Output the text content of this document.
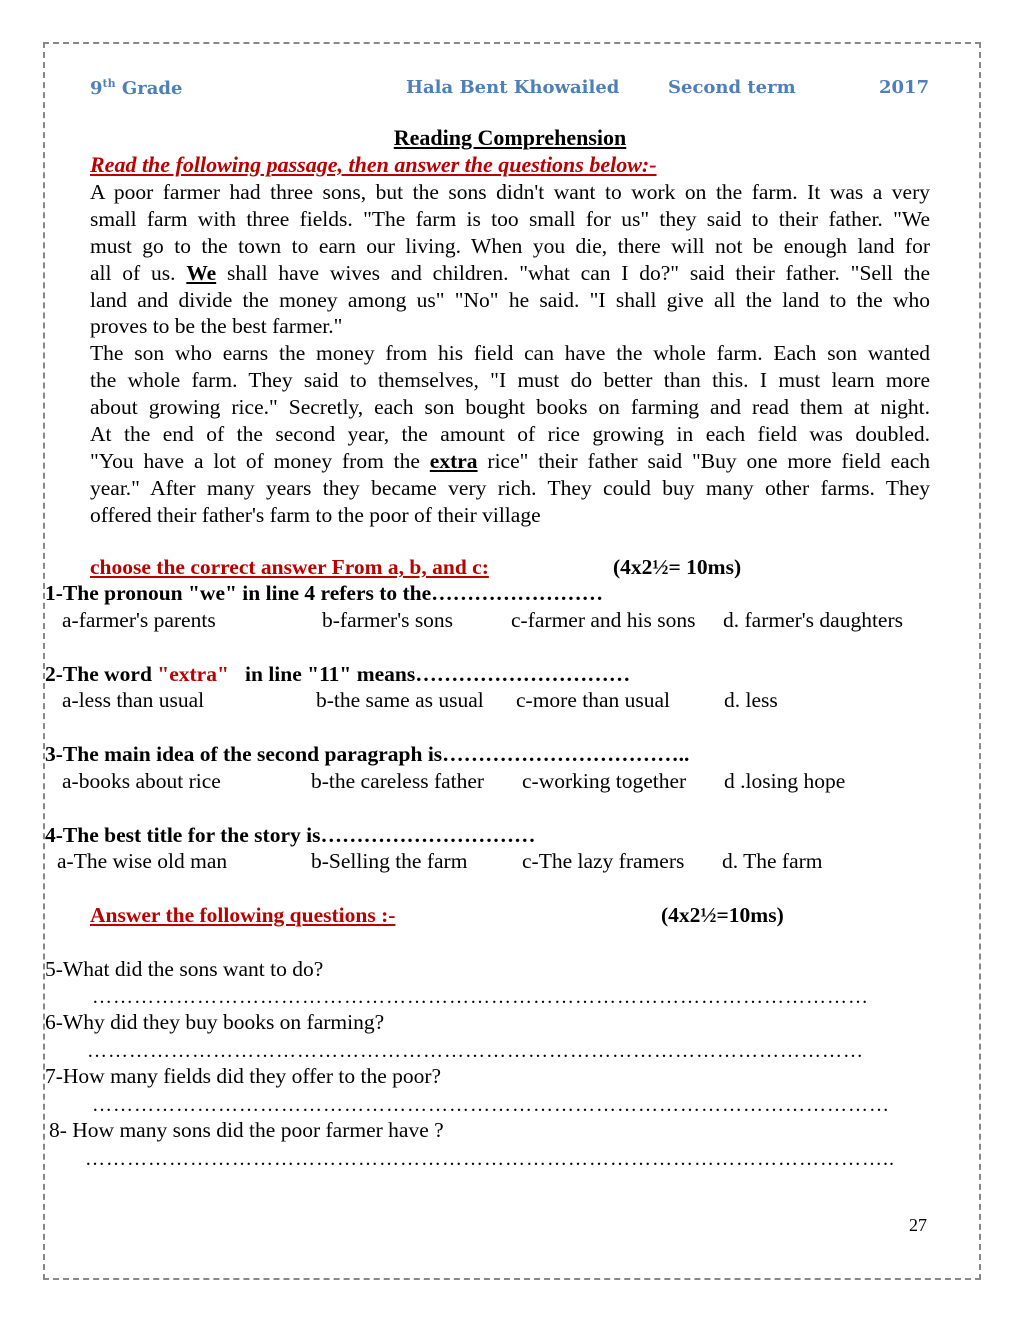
9th Grade	Hala Bent Khowailed	Second term	2017
Reading Comprehension
Read the following passage, then answer the questions below:-
A poor farmer had three sons, but the sons didn't want to work on the farm. It was a very
small farm with three fields. "The farm is too small for us" they said to their father. "We
must go to the town to earn our living. When you die, there will not be enough land for
all of us. We shall have wives and children. "what can I do?" said their father. "Sell the
land and divide the money among us" "No" he said. "I shall give all the land to the who
proves to be the best farmer."
The son who earns the money from his field can have the whole farm. Each son wanted
the whole farm. They said to themselves, "I must do better than this. I must learn more
about growing rice." Secretly, each son bought books on farming and read them at night.
At the end of the second year, the amount of rice growing in each field was doubled.
"You have a lot of money from the extra rice" their father said "Buy one more field each
year." After many years they became very rich. They could buy many other farms. They
offered their father's farm to the poor of their village
choose the correct answer From a, b, and c:	(4x2½= 10ms)
1-The pronoun "we" in line 4 refers to the……………………
a-farmer's parents	b-farmer's sons	c-farmer and his sons d. farmer's daughters
2-The word "extra"   in line "11" means…………………………
a-less than usual	b-the same as usual c-more than usual	d. less
3-The main idea of the second paragraph is……………………………..
a-books about rice	b-the careless father c-working together d .losing hope
4-The best title for the story is…………………………
a-The wise old man	b-Selling the farm	c-The lazy framers d. The farm
Answer the following questions :-	(4x2½=10ms)
5-What did the sons want to do?
…………………………………………………………………………………………………
6-Why did they buy books on farming?
…………………………………………………………………………………………………
7-How many fields did they offer to the poor?
……………………………………………………………………………………………………
8- How many sons did the poor farmer have ?
……………………………………………………………………………………………………..
27
